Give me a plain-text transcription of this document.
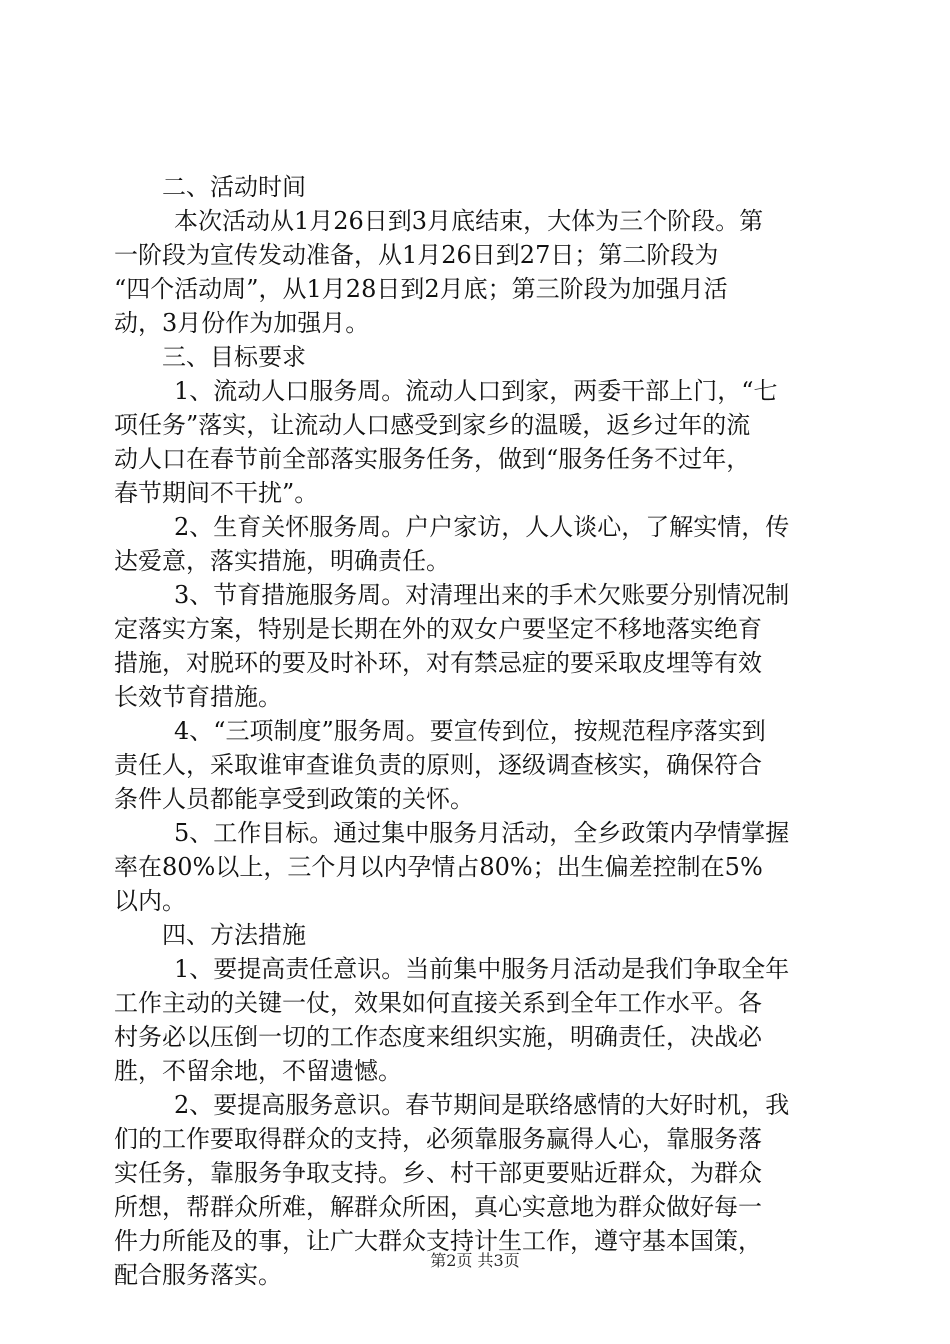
二、活动时间
本次活动从1月26日到3月底结束，大体为三个阶段。第
一阶段为宣传发动准备，从1月26日到27日；第二阶段为
“四个活动周”，从1月28日到2月底；第三阶段为加强月活
动，3月份作为加强月。
三、目标要求
1、流动人口服务周。流动人口到家，两委干部上门，“七
项任务”落实，让流动人口感受到家乡的温暖，返乡过年的流
动人口在春节前全部落实服务任务，做到“服务任务不过年，
春节期间不干扰”。
2、生育关怀服务周。户户家访，人人谈心，了解实情，传
达爱意，落实措施，明确责任。
3、节育措施服务周。对清理出来的手术欠账要分别情况制
定落实方案，特别是长期在外的双女户要坚定不移地落实绝育
措施，对脱环的要及时补环，对有禁忌症的要采取皮埋等有效
长效节育措施。
4、“三项制度”服务周。要宣传到位，按规范程序落实到
责任人，采取谁审查谁负责的原则，逐级调查核实，确保符合
条件人员都能享受到政策的关怀。
5、工作目标。通过集中服务月活动，全乡政策内孕情掌握
率在80%以上，三个月以内孕情占80%；出生偏差控制在5%
以内。
四、方法措施
1、要提高责任意识。当前集中服务月活动是我们争取全年
工作主动的关键一仗，效果如何直接关系到全年工作水平。各
村务必以压倒一切的工作态度来组织实施，明确责任，决战必
胜，不留余地，不留遗憾。
2、要提高服务意识。春节期间是联络感情的大好时机，我
们的工作要取得群众的支持，必须靠服务赢得人心，靠服务落
实任务，靠服务争取支持。乡、村干部更要贴近群众，为群众
所想，帮群众所难，解群众所困，真心实意地为群众做好每一
件力所能及的事，让广大群众支持计生工作，遵守基本国策，
配合服务落实。
第2页 共3页
